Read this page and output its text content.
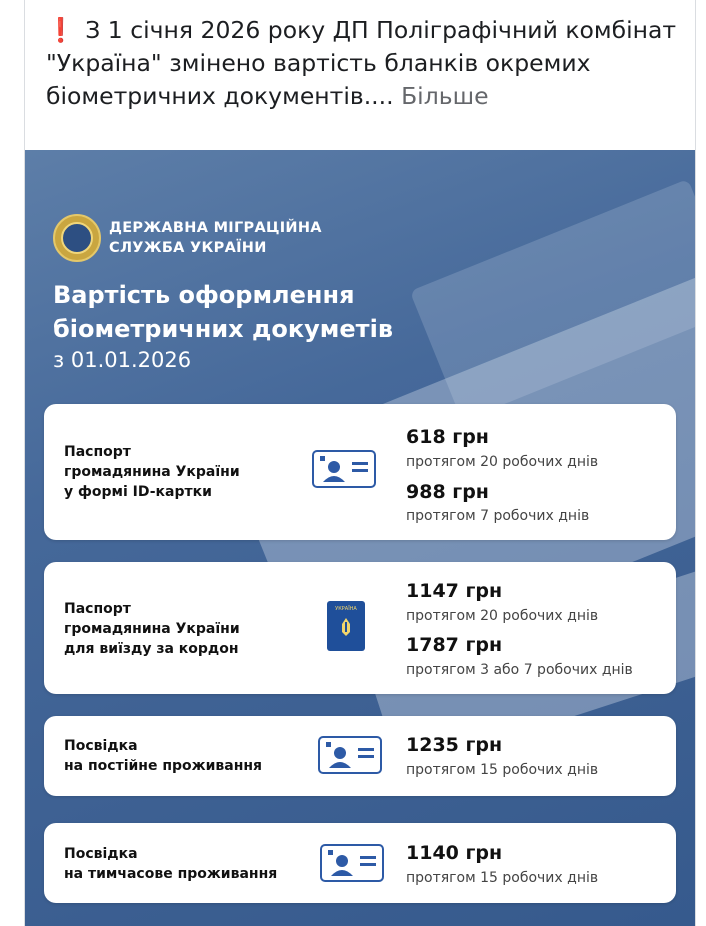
❗ З 1 січня 2026 року ДП Поліграфічний комбінат "Україна" змінено вартість бланків окремих біометричних документів.... Більше
ДЕРЖАВНА МІГРАЦІЙНА
СЛУЖБА УКРАЇНИ
Вартість оформлення
біометричних докуметів
з 01.01.2026
Паспорт
громадянина України
у формі ID-картки
618 грн
протягом 20 робочих днів
988 грн
протягом 7 робочих днів
Паспорт
громадянина України
для виїзду за кордон
УКРАЇНА
1147 грн
протягом 20 робочих днів
1787 грн
протягом 3 або 7 робочих днів
Посвідка
на постійне проживання
1235 грн
протягом 15 робочих днів
Посвідка
на тимчасове проживання
1140 грн
протягом 15 робочих днів
